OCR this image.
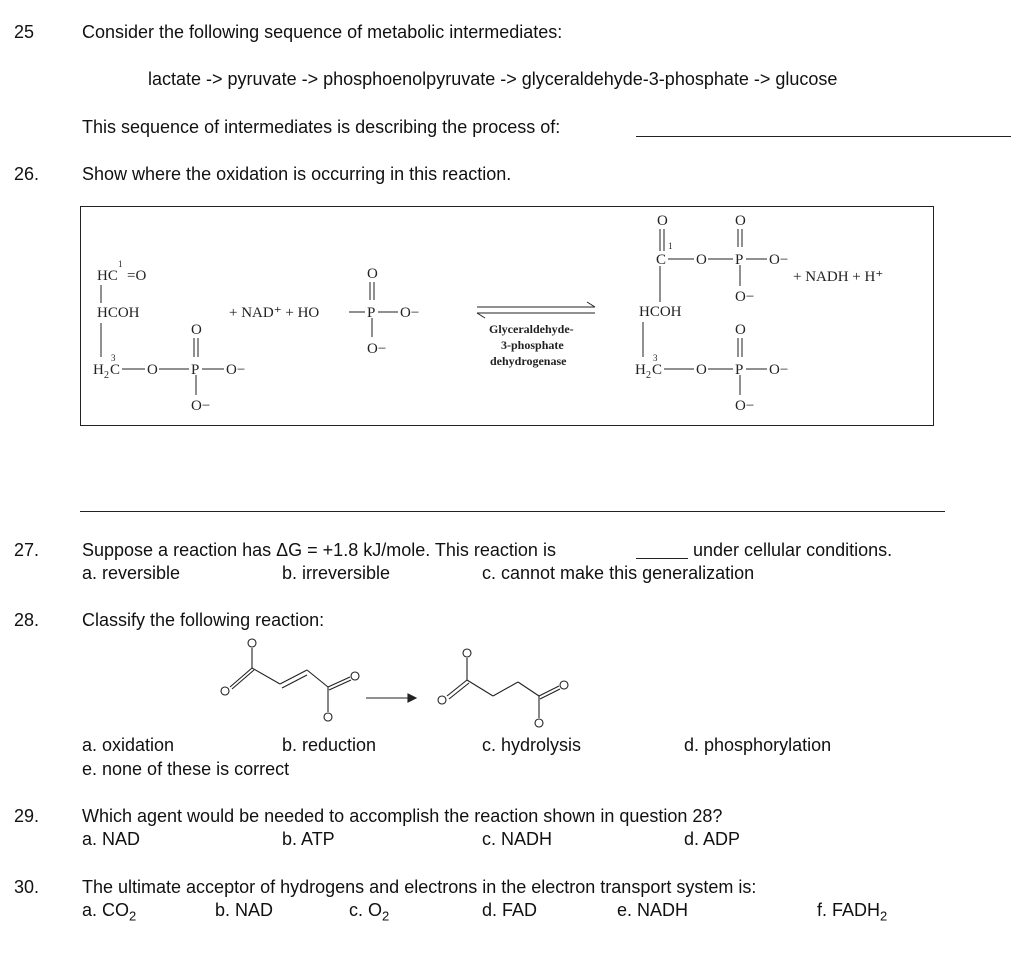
25	Consider the following sequence of metabolic intermediates:
lactate -> pyruvate -> phosphoenolpyruvate -> glyceraldehyde-3-phosphate -> glucose
This sequence of intermediates is describing the process of:
26. Show where the oxidation is occurring in this reaction.
HC
1
=O
HCOH
H 2 C
3
O P O−
O
O−
+ NAD⁺ + HO	P O−
O
O−
Glyceraldehyde-
3-phosphate
dehydrogenase
O
C
1
O P O−
O
O−
+ NADH + H⁺
HCOH
H 2 C
3
O P O−
O
O−
27. Suppose a reaction has ΔG = +1.8 kJ/mole. This reaction is	under cellular conditions.
a. reversible	b. irreversible	c. cannot make this generalization
28. Classify the following reaction:
a. oxidation	b. reduction	c. hydrolysis	d. phosphorylation
e. none of these is correct
29. Which agent would be needed to accomplish the reaction shown in question 28?
a. NAD	b. ATP	c. NADH	d. ADP
30. The ultimate acceptor of hydrogens and electrons in the electron transport system is:
a. $CO_2$	b. NAD	c. $O_2$	d. FAD	e. NADH	f. $FADH_2$
